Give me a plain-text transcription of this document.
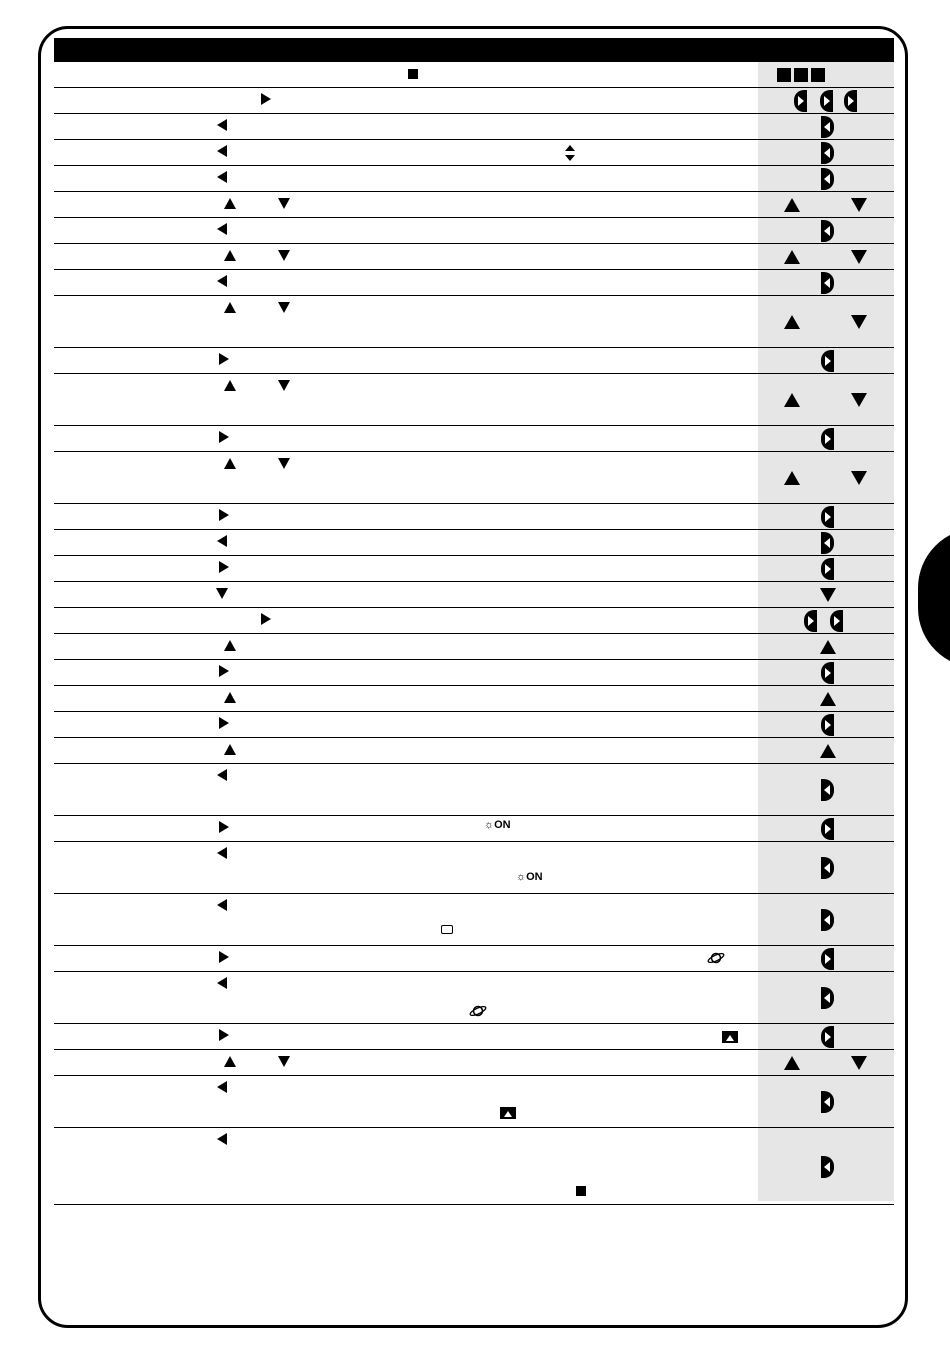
☼ON
☼ON
